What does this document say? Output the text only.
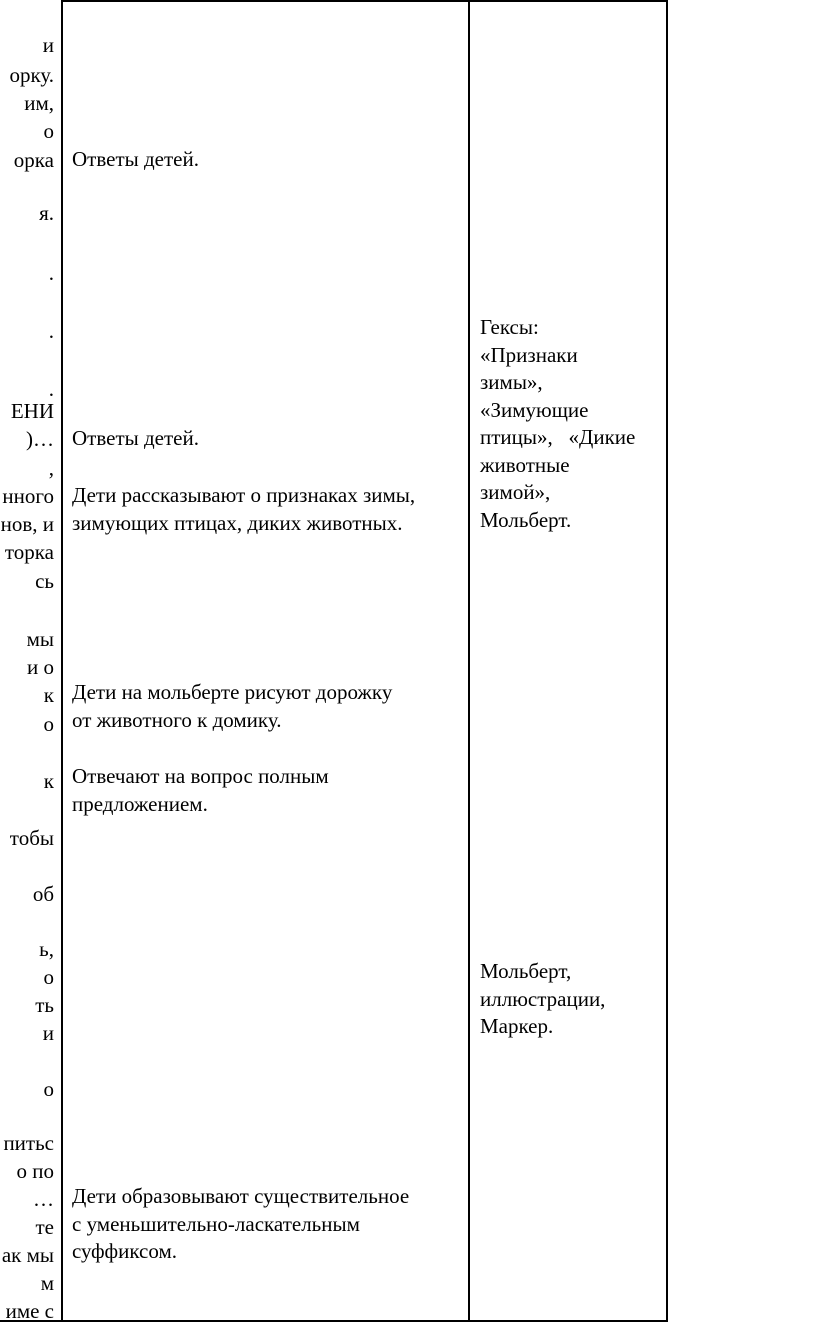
и
орку.
им,
о
орка
я.
.
.
.
ЕНИ
)…
,
нного
нов, и
торка
сь
мы
и о
к
о
к
тобы
об
ь,
о
ть
и
о
питьс
о по
…
те
ак мы
м
име с
Ответы детей.
Ответы детей.
Дети рассказывают о признаках зимы,
зимующих птицах, диких животных.
Дети на мольберте рисуют дорожку
от животного к домику.
Отвечают на вопрос полным
предложением.
Дети образовывают существительное
с уменьшительно-ласкательным
суффиксом.
Гексы:
«Признаки
зимы»,
«Зимующие
птицы»,   «Дикие
животные
зимой»,
Мольберт.
Мольберт,
иллюстрации,
Маркер.
